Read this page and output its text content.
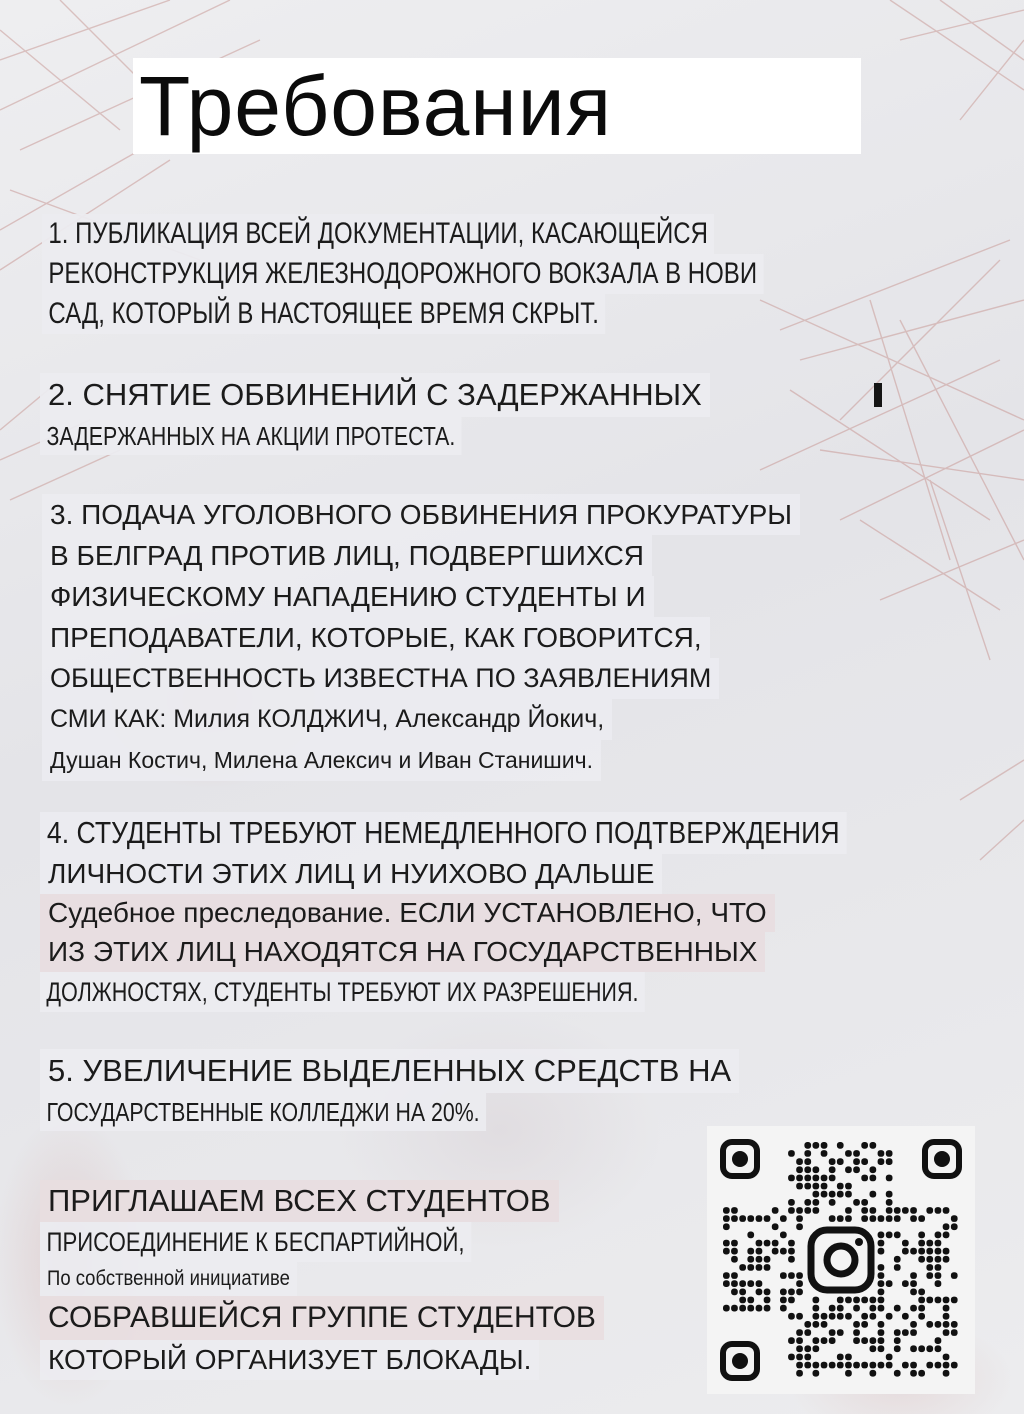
Требования
1. ПУБЛИКАЦИЯ ВСЕЙ ДОКУМЕНТАЦИИ, КАСАЮЩЕЙСЯ
РЕКОНСТРУКЦИЯ ЖЕЛЕЗНОДОРОЖНОГО ВОКЗАЛА В НОВИ
САД, КОТОРЫЙ В НАСТОЯЩЕЕ ВРЕМЯ СКРЫТ.
2. СНЯТИЕ ОБВИНЕНИЙ С ЗАДЕРЖАННЫХ
ЗАДЕРЖАННЫХ НА АКЦИИ ПРОТЕСТА.
3. ПОДАЧА УГОЛОВНОГО ОБВИНЕНИЯ ПРОКУРАТУРЫ
В БЕЛГРАД ПРОТИВ ЛИЦ, ПОДВЕРГШИХСЯ
ФИЗИЧЕСКОМУ НАПАДЕНИЮ СТУДЕНТЫ И
ПРЕПОДАВАТЕЛИ, КОТОРЫЕ, КАК ГОВОРИТСЯ,
ОБЩЕСТВЕННОСТЬ ИЗВЕСТНА ПО ЗАЯВЛЕНИЯМ
СМИ КАК: Милия КОЛДЖИЧ, Александр Йокич,
Душан Костич, Милена Алексич и Иван Станишич.
4. СТУДЕНТЫ ТРЕБУЮТ НЕМЕДЛЕННОГО ПОДТВЕРЖДЕНИЯ
ЛИЧНОСТИ ЭТИХ ЛИЦ И НУИХОВО ДАЛЬШЕ
Судебное преследование. ЕСЛИ УСТАНОВЛЕНО, ЧТО
ИЗ ЭТИХ ЛИЦ НАХОДЯТСЯ НА ГОСУДАРСТВЕННЫХ
ДОЛЖНОСТЯХ, СТУДЕНТЫ ТРЕБУЮТ ИХ РАЗРЕШЕНИЯ.
5. УВЕЛИЧЕНИЕ ВЫДЕЛЕННЫХ СРЕДСТВ НА
ГОСУДАРСТВЕННЫЕ КОЛЛЕДЖИ НА 20%.
ПРИГЛАШАЕМ ВСЕХ СТУДЕНТОВ
ПРИСОЕДИНЕНИЕ К БЕСПАРТИЙНОЙ,
По собственной инициативе
СОБРАВШЕЙСЯ ГРУППЕ СТУДЕНТОВ
КОТОРЫЙ ОРГАНИЗУЕТ БЛОКАДЫ.
